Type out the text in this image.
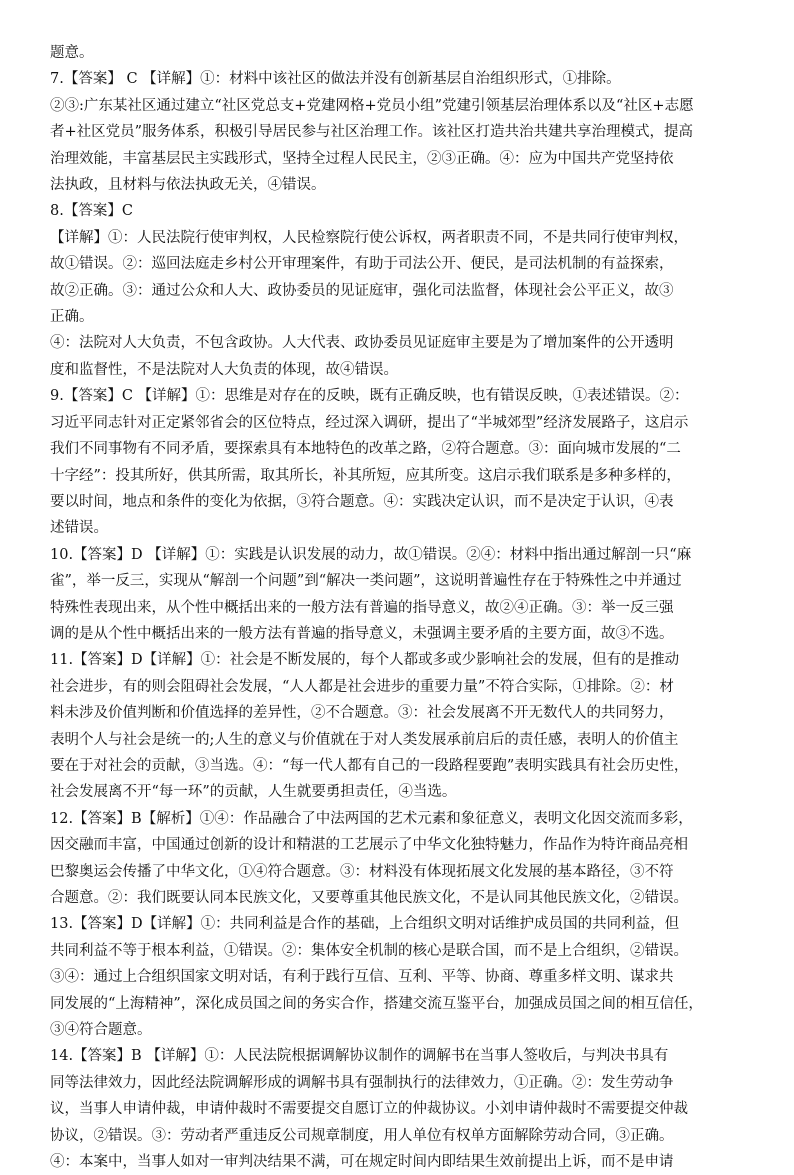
题意。

7.【答案】 C 【详解】①：材料中该社区的做法并没有创新基层自治组织形式，①排除。

②③:广东某社区通过建立“社区党总支+党建网格+党员小组”党建引领基层治理体系以及“社区+志愿

者+社区党员”服务体系，积极引导居民参与社区治理工作。该社区打造共治共建共享治理模式，提高

治理效能，丰富基层民主实践形式，坚持全过程人民民主，②③正确。④：应为中国共产党坚持依

法执政，且材料与依法执政无关，④错误。

8.【答案】C

【详解】①：人民法院行使审判权，人民检察院行使公诉权，两者职责不同，不是共同行使审判权，

故①错误。②：巡回法庭走乡村公开审理案件，有助于司法公开、便民，是司法机制的有益探索，

故②正确。③：通过公众和人大、政协委员的见证庭审，强化司法监督，体现社会公平正义，故③

正确。

④：法院对人大负责，不包含政协。人大代表、政协委员见证庭审主要是为了增加案件的公开透明

度和监督性，不是法院对人大负责的体现，故④错误。

9.【答案】C 【详解】①：思维是对存在的反映，既有正确反映，也有错误反映，①表述错误。②：

习近平同志针对正定紧邻省会的区位特点，经过深入调研，提出了“半城郊型”经济发展路子，这启示

我们不同事物有不同矛盾，要探索具有本地特色的改革之路，②符合题意。③：面向城市发展的“二

十字经”：投其所好，供其所需，取其所长，补其所短，应其所变。这启示我们联系是多种多样的，

要以时间，地点和条件的变化为依据，③符合题意。④：实践决定认识，而不是决定于认识，④表

述错误。

10.【答案】D 【详解】①：实践是认识发展的动力，故①错误。②④：材料中指出通过解剖一只“麻

雀”，举一反三，实现从“解剖一个问题”到“解决一类问题”，这说明普遍性存在于特殊性之中并通过

特殊性表现出来，从个性中概括出来的一般方法有普遍的指导意义，故②④正确。③：举一反三强

调的是从个性中概括出来的一般方法有普遍的指导意义，未强调主要矛盾的主要方面，故③不选。

11.【答案】D【详解】①：社会是不断发展的，每个人都或多或少影响社会的发展，但有的是推动

社会进步，有的则会阻碍社会发展，“人人都是社会进步的重要力量”不符合实际，①排除。②：材

料未涉及价值判断和价值选择的差异性，②不合题意。③：社会发展离不开无数代人的共同努力，

表明个人与社会是统一的;人生的意义与价值就在于对人类发展承前启后的责任感，表明人的价值主

要在于对社会的贡献，③当选。④：“每一代人都有自己的一段路程要跑”表明实践具有社会历史性，

社会发展离不开“每一环”的贡献，人生就要勇担责任，④当选。

12.【答案】B【解析】①④：作品融合了中法两国的艺术元素和象征意义，表明文化因交流而多彩，

因交融而丰富，中国通过创新的设计和精湛的工艺展示了中华文化独特魅力，作品作为特许商品亮相

巴黎奥运会传播了中华文化，①④符合题意。③：材料没有体现拓展文化发展的基本路径，③不符

合题意。②：我们既要认同本民族文化，又要尊重其他民族文化，不是认同其他民族文化，②错误。

13.【答案】D【详解】①：共同利益是合作的基础，上合组织文明对话维护成员国的共同利益，但

共同利益不等于根本利益，①错误。②：集体安全机制的核心是联合国，而不是上合组织，②错误。

③④：通过上合组织国家文明对话，有利于践行互信、互利、平等、协商、尊重多样文明、谋求共

同发展的“上海精神”，深化成员国之间的务实合作，搭建交流互鉴平台，加强成员国之间的相互信任，

③④符合题意。

14.【答案】B 【详解】①：人民法院根据调解协议制作的调解书在当事人签收后，与判决书具有

同等法律效力，因此经法院调解形成的调解书具有强制执行的法律效力，①正确。②：发生劳动争

议，当事人申请仲裁，申请仲裁时不需要提交自愿订立的仲裁协议。小刘申请仲裁时不需要提交仲裁

协议，②错误。③：劳动者严重违反公司规章制度，用人单位有权单方面解除劳动合同，③正确。

④：本案中，当事人如对一审判决结果不满，可在规定时间内即结果生效前提出上诉，而不是申请
